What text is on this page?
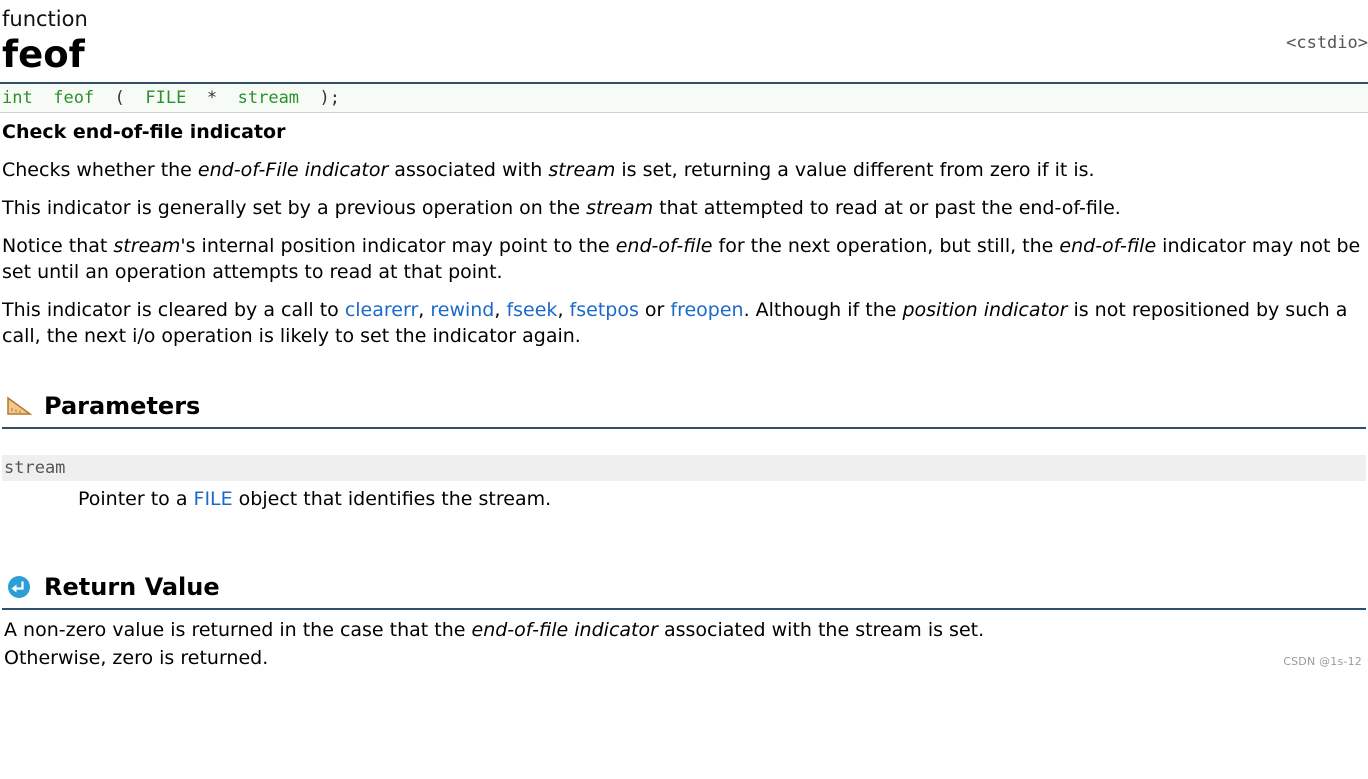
function
feof	<cstdio>
int feof ( FILE * stream );
Check end-of-file indicator

Checks whether the end-of-File indicator associated with stream is set, returning a value different from zero if it is.

This indicator is generally set by a previous operation on the stream that attempted to read at or past the end-of-file.

Notice that stream's internal position indicator may point to the end-of-file for the next operation, but still, the end-of-file indicator may not be set until an operation attempts to read at that point.

This indicator is cleared by a call to clearerr, rewind, fseek, fsetpos or freopen. Although if the position indicator is not repositioned by such a call, the next i/o operation is likely to set the indicator again.

Parameters
stream
Pointer to a FILE object that identifies the stream.
Return Value
A non-zero value is returned in the case that the end-of-file indicator associated with the stream is set.
Otherwise, zero is returned.	CSDN @1s-12
